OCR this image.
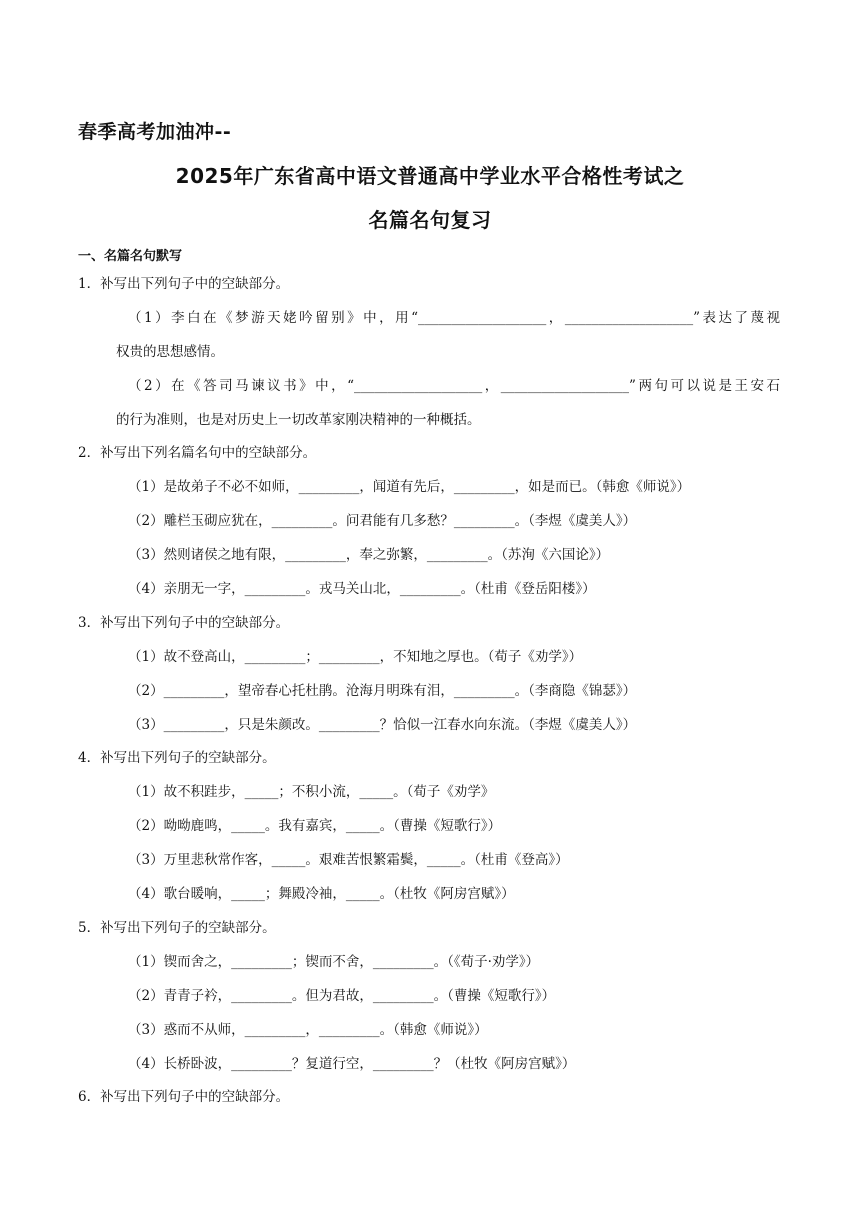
春季高考加油冲--
2025年广东省高中语文普通高中学业水平合格性考试之
名篇名句复习
一、名篇名句默写
1．补写出下列句子中的空缺部分。
（1）李白在《梦游天姥吟留别》中，用“___________________，___________________”表达了蔑视
权贵的思想感情。
（2）在《答司马谏议书》中，“___________________，___________________”两句可以说是王安石
的行为准则，也是对历史上一切改革家刚决精神的一种概括。
2．补写出下列名篇名句中的空缺部分。
（1）是故弟子不必不如师，_________，闻道有先后，_________，如是而已。（韩愈《师说》）
（2）雕栏玉砌应犹在，_________。问君能有几多愁？_________。（李煜《虞美人》）
（3）然则诸侯之地有限，_________，奉之弥繁，_________。（苏洵《六国论》）
（4）亲朋无一字，_________。戎马关山北，_________。（杜甫《登岳阳楼》）
3．补写出下列句子中的空缺部分。
（1）故不登高山，_________；_________，不知地之厚也。（荀子《劝学》）
（2）_________，望帝春心托杜鹃。沧海月明珠有泪，_________。（李商隐《锦瑟》）
（3）_________，只是朱颜改。_________？恰似一江春水向东流。（李煜《虞美人》）
4．补写出下列句子的空缺部分。
（1）故不积跬步，_____；不积小流，_____。（荀子《劝学》
（2）呦呦鹿鸣，_____。我有嘉宾，_____。（曹操《短歌行》）
（3）万里悲秋常作客，_____。艰难苦恨繁霜鬓，_____。（杜甫《登高》）
（4）歌台暖响，_____；舞殿冷袖，_____。（杜牧《阿房宫赋》）
5．补写出下列句子的空缺部分。
（1）锲而舍之，_________；锲而不舍，_________。（《荀子·劝学》）
（2）青青子衿，_________。但为君故，_________。（曹操《短歌行》）
（3）惑而不从师，_________，_________。（韩愈《师说》）
（4）长桥卧波，_________？复道行空，_________？（杜牧《阿房宫赋》）
6．补写出下列句子中的空缺部分。
